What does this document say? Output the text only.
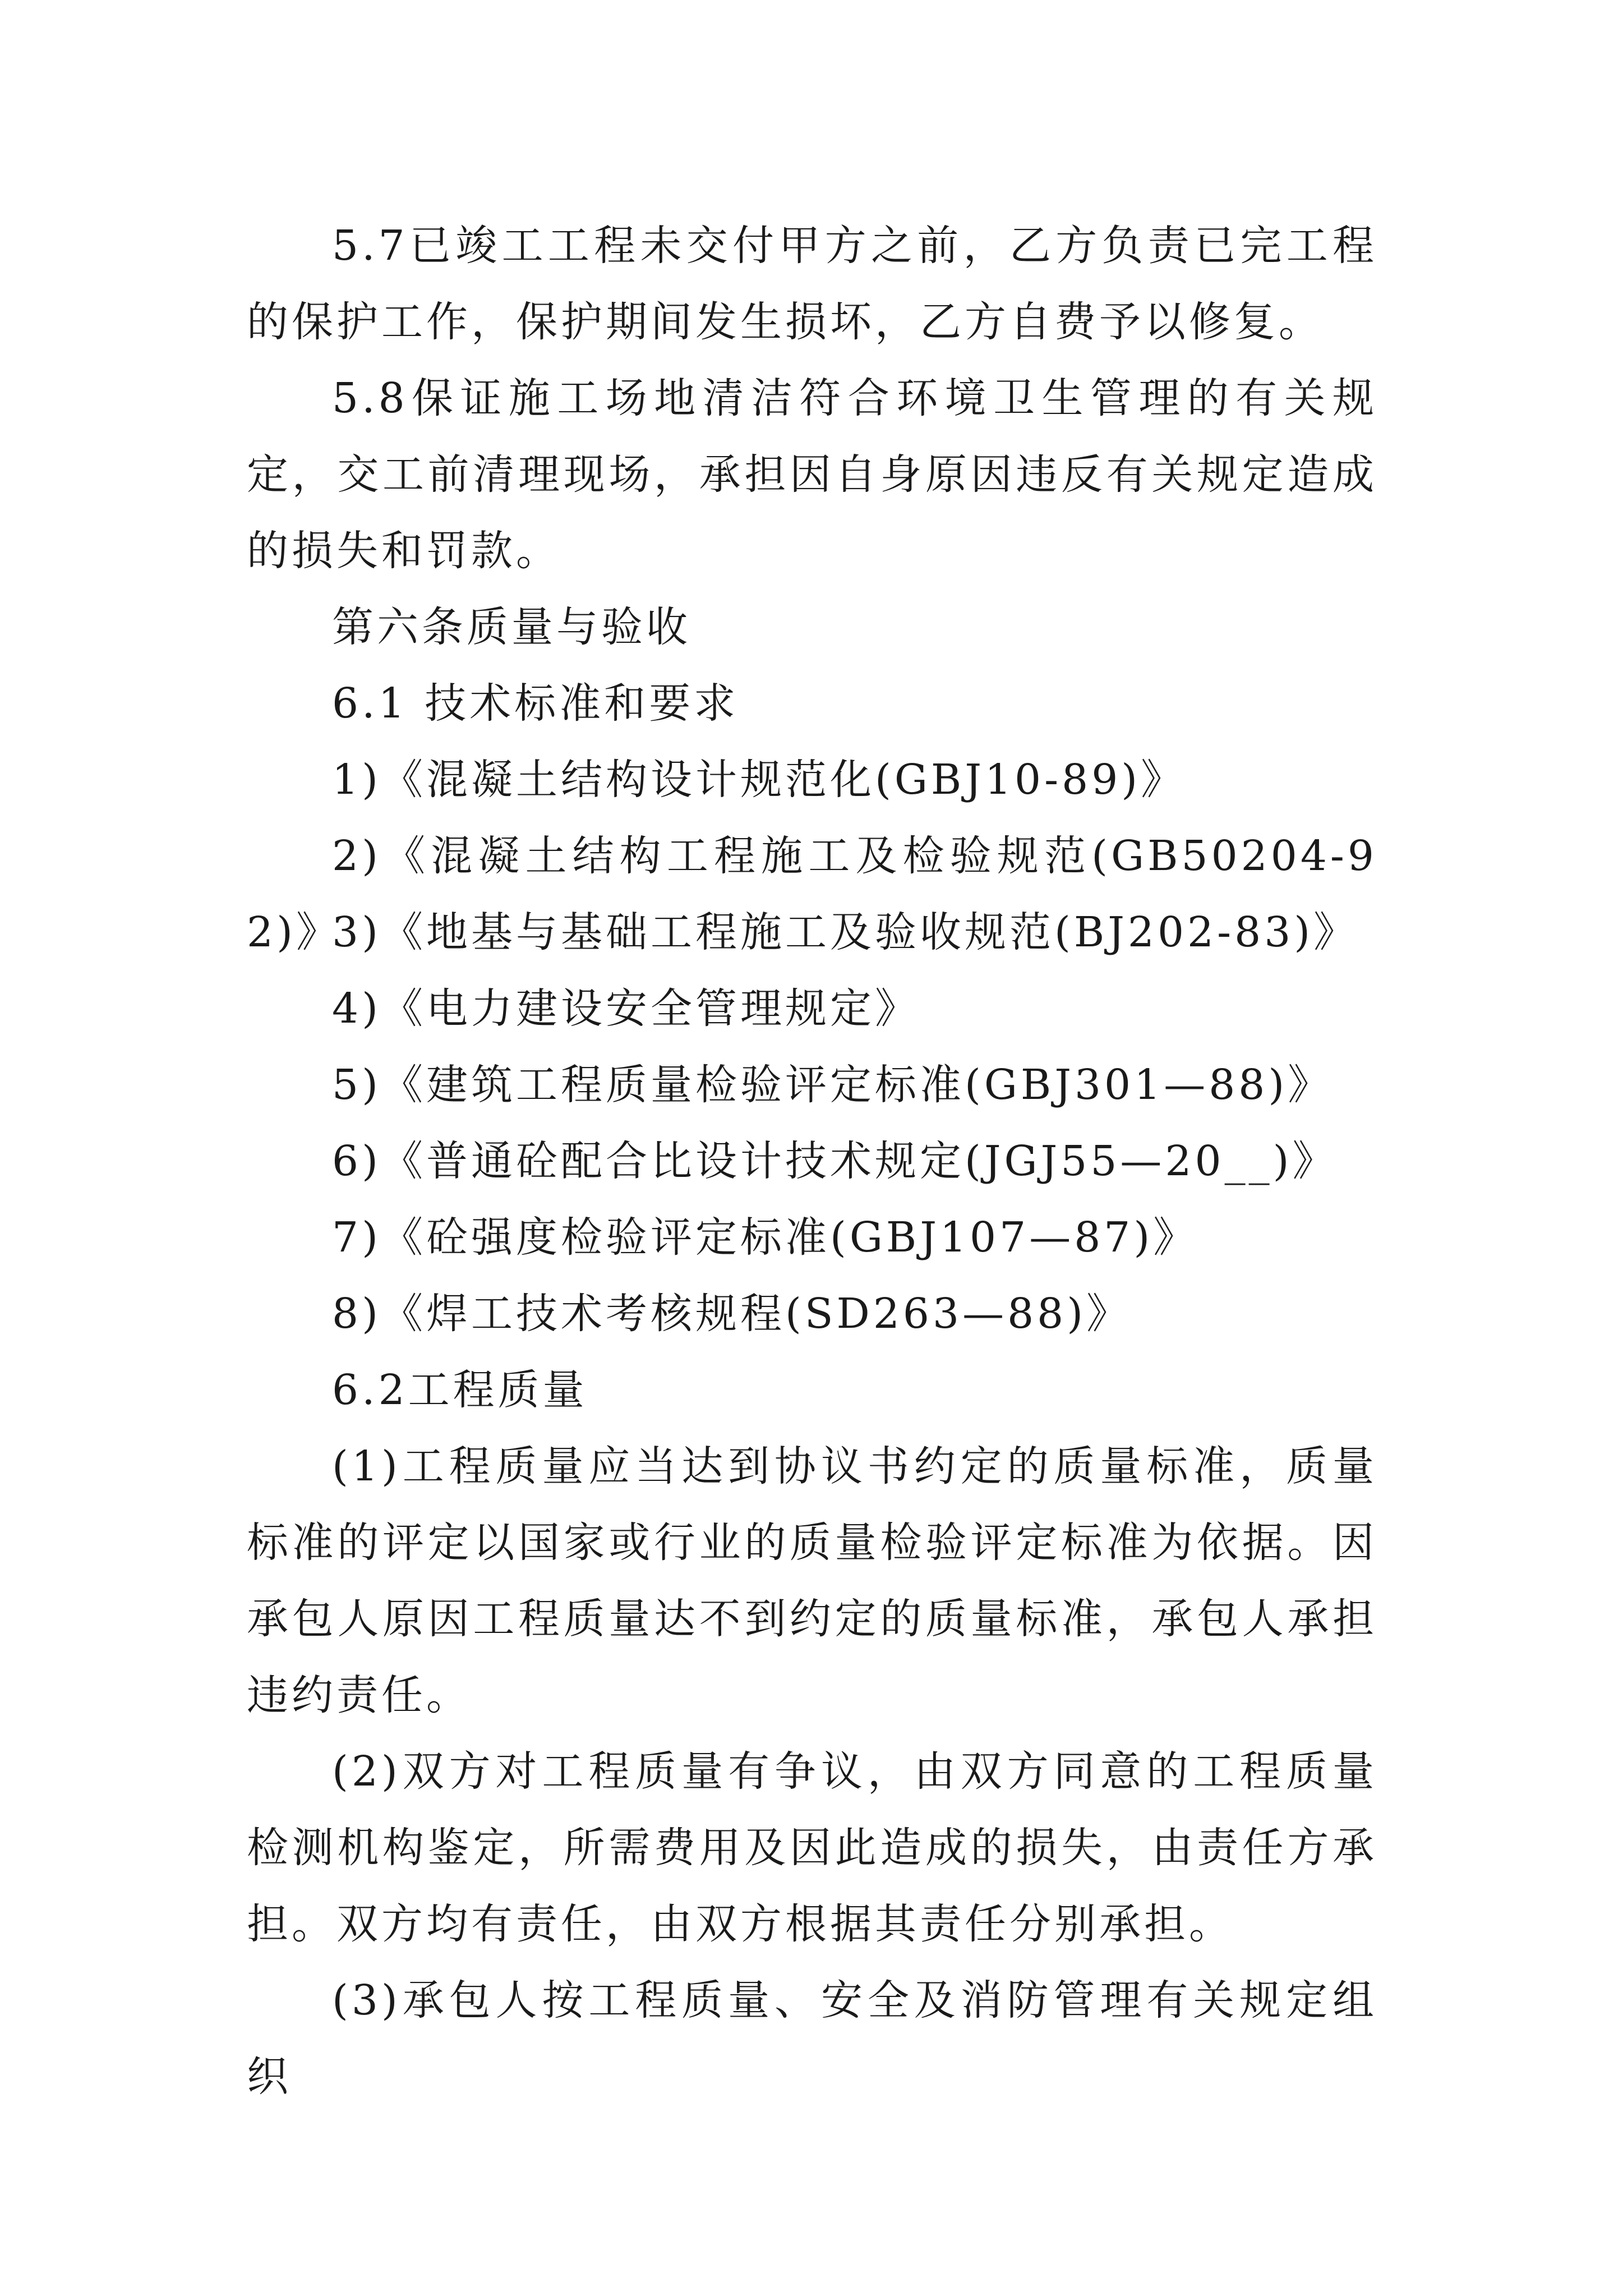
5.7已竣工工程未交付甲方之前，乙方负责已完工程的保护工作，保护期间发生损坏，乙方自费予以修复。

5.8保证施工场地清洁符合环境卫生管理的有关规定，交工前清理现场，承担因自身原因违反有关规定造成的损失和罚款。

第六条质量与验收

6.1 技术标准和要求

1)《混凝土结构设计规范化(GBJ10-89)》

2)《混凝土结构工程施工及检验规范(GB50204-92)》

3)《地基与基础工程施工及验收规范(BJ202-83)》

4)《电力建设安全管理规定》

5)《建筑工程质量检验评定标准(GBJ301—88)》

6)《普通砼配合比设计技术规定(JGJ55—20__)》

7)《砼强度检验评定标准(GBJ107—87)》

8)《焊工技术考核规程(SD263—88)》

6.2工程质量

(1)工程质量应当达到协议书约定的质量标准，质量标准的评定以国家或行业的质量检验评定标准为依据。因承包人原因工程质量达不到约定的质量标准，承包人承担违约责任。

(2)双方对工程质量有争议，由双方同意的工程质量检测机构鉴定，所需费用及因此造成的损失，由责任方承担。双方均有责任，由双方根据其责任分别承担。

(3)承包人按工程质量、安全及消防管理有关规定组织
